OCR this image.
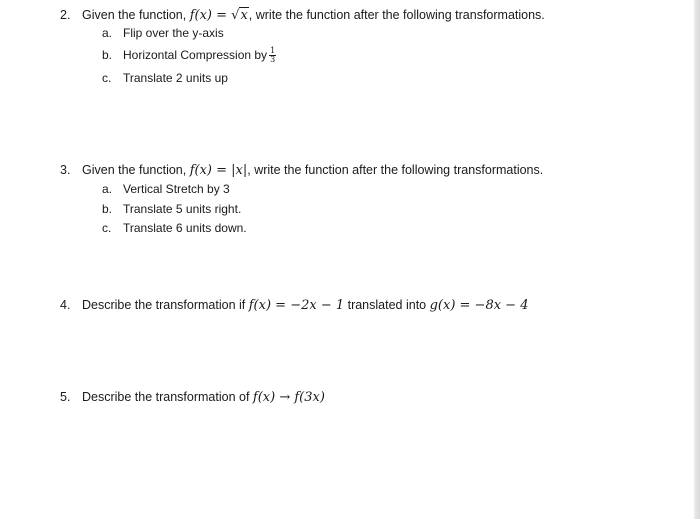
2. Given the function, f(x) = √x, write the function after the following transformations.
a. Flip over the y-axis
b. Horizontal Compression by $\frac{1}{3}$
c. Translate 2 units up
3. Given the function, f(x) = |x|, write the function after the following transformations.
a. Vertical Stretch by 3
b. Translate 5 units right.
c. Translate 6 units down.
4. Describe the transformation if f(x) = −2x − 1 translated into g(x) = −8x − 4
5. Describe the transformation of f(x) → f(3x)
